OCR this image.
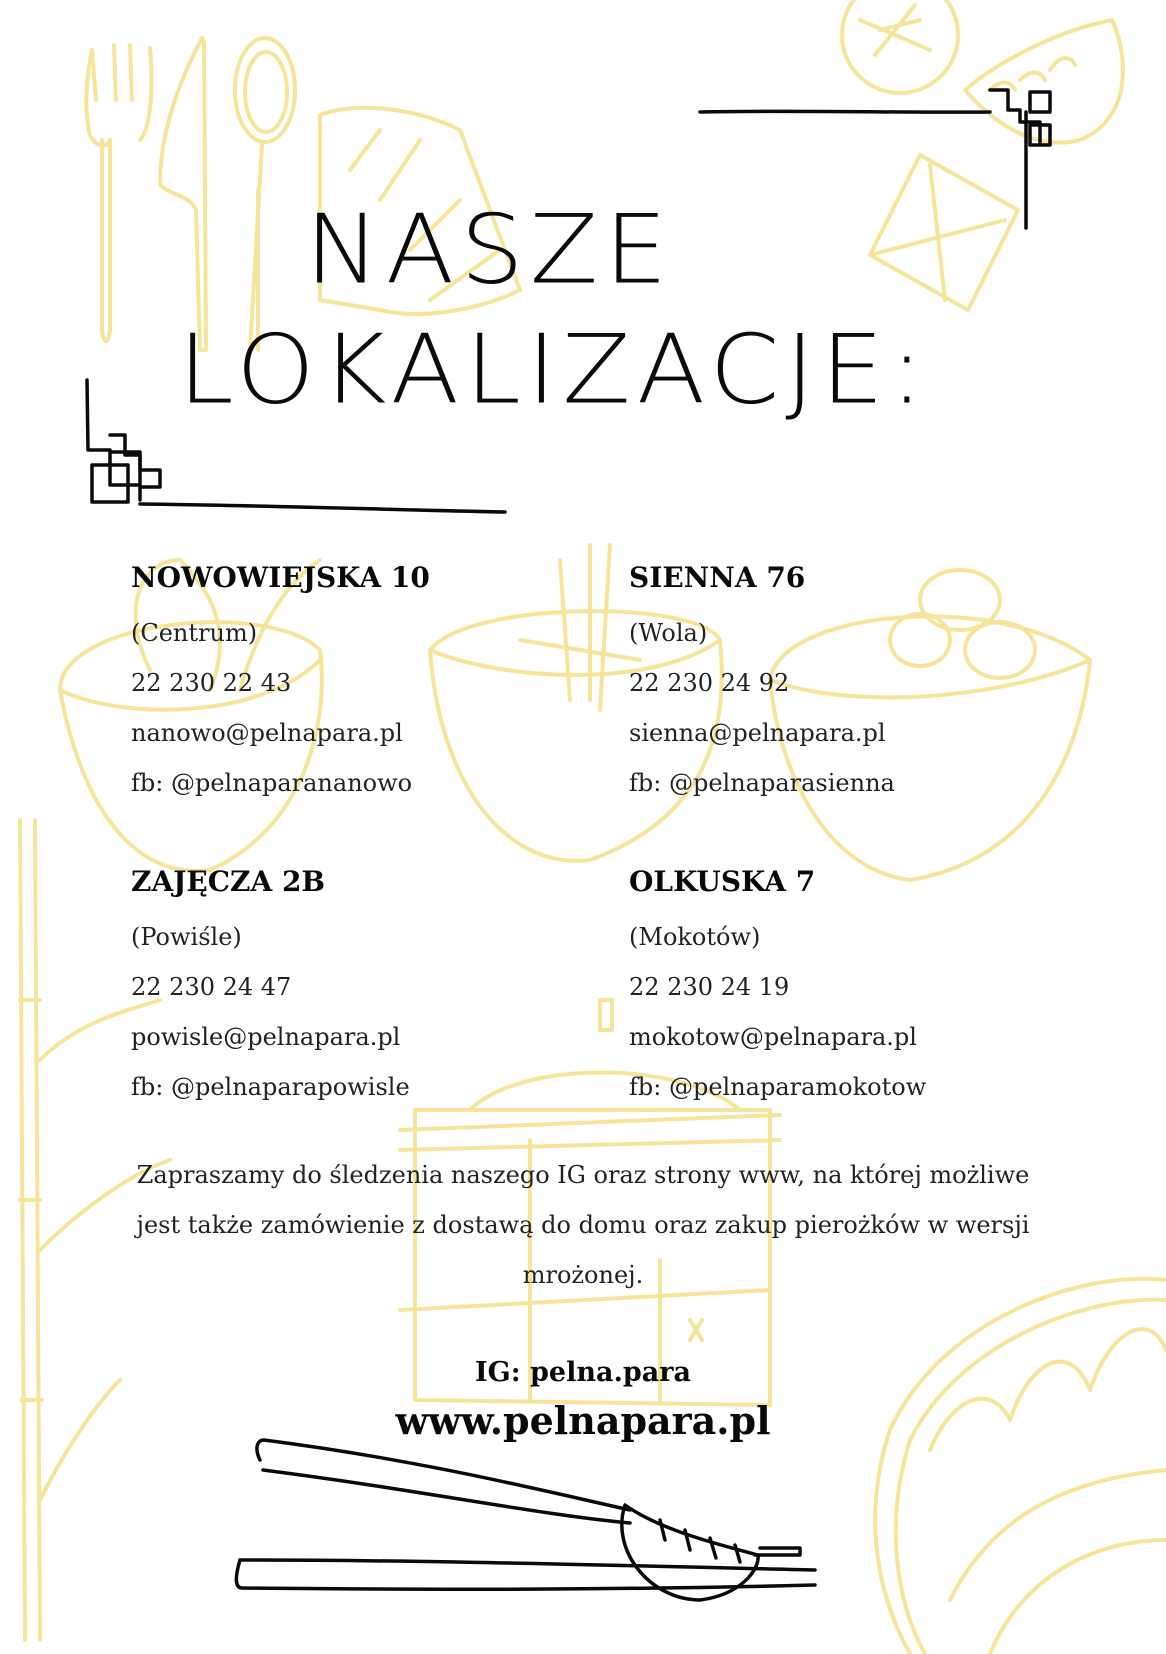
NASZE
LOKALIZACJE:
NOWOWIEJSKA 10
(Centrum)
22 230 22 43
nanowo@pelnapara.pl
fb: @pelnaparananowo
SIENNA 76
(Wola)
22 230 24 92
sienna@pelnapara.pl
fb: @pelnaparasienna
ZAJĘCZA 2B
(Powiśle)
22 230 24 47
powisle@pelnapara.pl
fb: @pelnaparapowisle
OLKUSKA 7
(Mokotów)
22 230 24 19
mokotow@pelnapara.pl
fb: @pelnaparamokotow
Zapraszamy do śledzenia naszego IG oraz strony www, na której możliwe
jest także zamówienie z dostawą do domu oraz zakup pierożków w wersji
mrożonej.
IG: pelna.para
www.pelnapara.pl
